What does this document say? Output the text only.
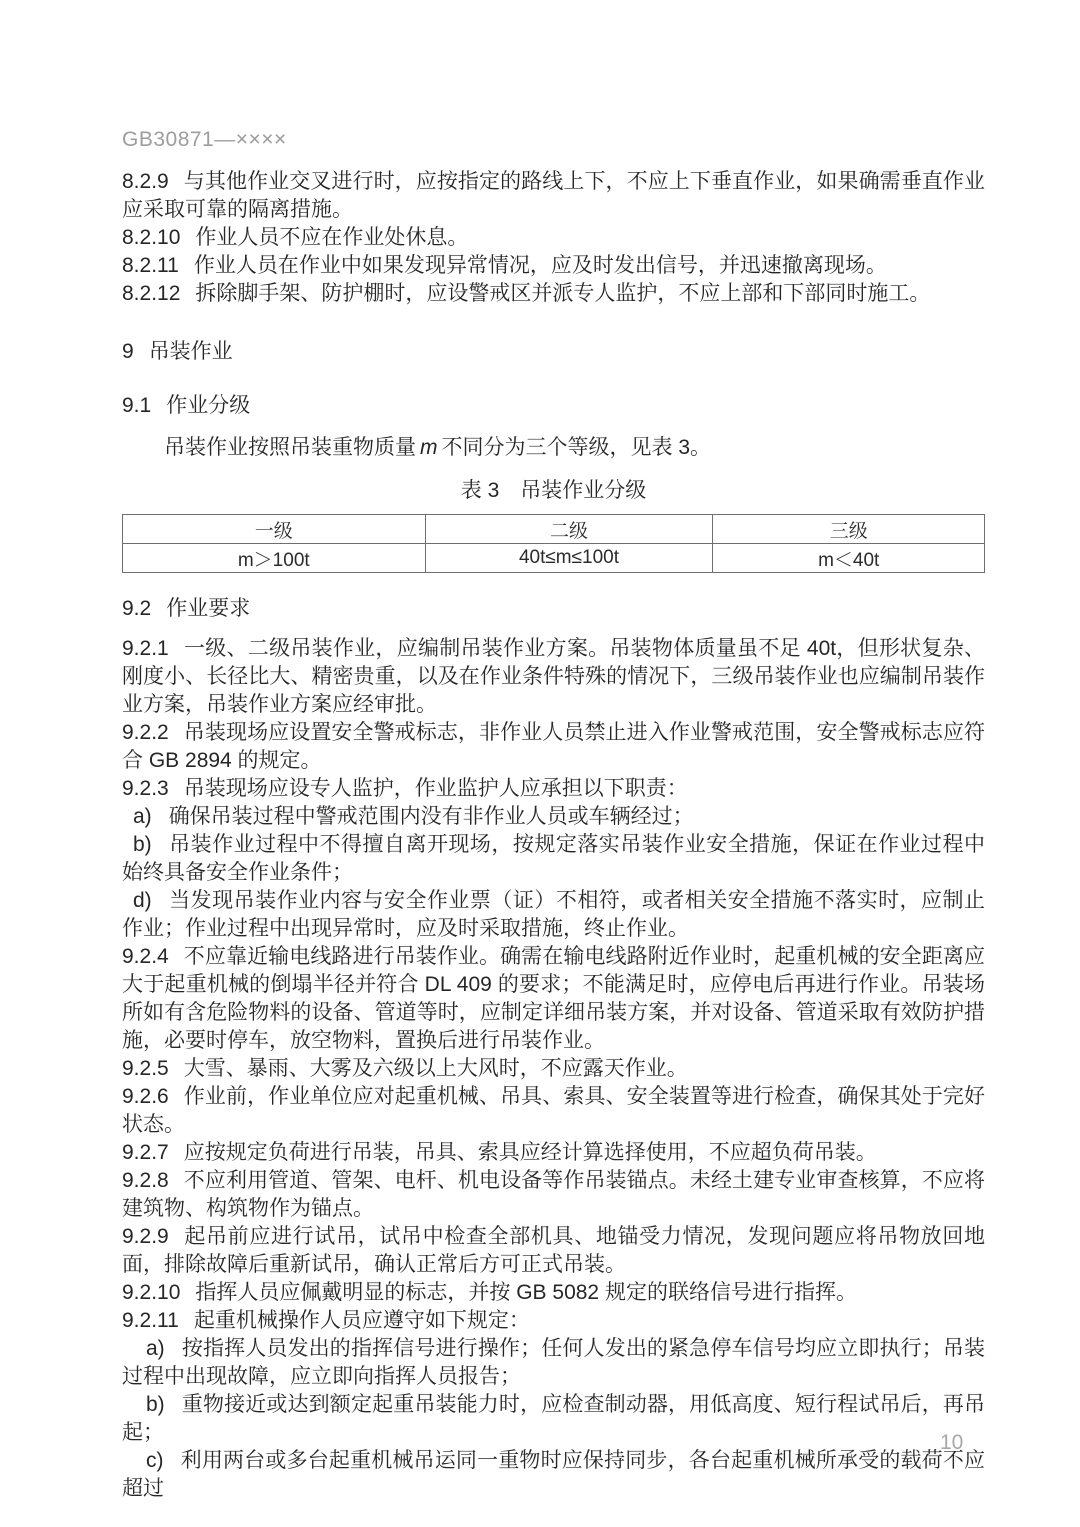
GB30871—××××

8.2.9 与其他作业交叉进行时，应按指定的路线上下，不应上下垂直作业，如果确需垂直作业应采取可靠的隔离措施。

8.2.10 作业人员不应在作业处休息。

8.2.11 作业人员在作业中如果发现异常情况，应及时发出信号，并迅速撤离现场。

8.2.12 拆除脚手架、防护棚时，应设警戒区并派专人监护，不应上部和下部同时施工。

9 吊装作业
9.1 作业分级

吊装作业按照吊装重物质量 m 不同分为三个等级，见表 3。

表 3　吊装作业分级
一级	二级	三级
m＞100t	40t≤m≤100t	m＜40t
9.2 作业要求

9.2.1 一级、二级吊装作业，应编制吊装作业方案。吊装物体质量虽不足 40t，但形状复杂、刚度小、长径比大、精密贵重，以及在作业条件特殊的情况下，三级吊装作业也应编制吊装作业方案，吊装作业方案应经审批。

9.2.2 吊装现场应设置安全警戒标志，非作业人员禁止进入作业警戒范围，安全警戒标志应符合 GB 2894 的规定。

9.2.3 吊装现场应设专人监护，作业监护人应承担以下职责：

a) 确保吊装过程中警戒范围内没有非作业人员或车辆经过；

b) 吊装作业过程中不得擅自离开现场，按规定落实吊装作业安全措施，保证在作业过程中始终具备安全作业条件；

d) 当发现吊装作业内容与安全作业票（证）不相符，或者相关安全措施不落实时，应制止作业；作业过程中出现异常时，应及时采取措施，终止作业。

9.2.4 不应靠近输电线路进行吊装作业。确需在输电线路附近作业时，起重机械的安全距离应大于起重机械的倒塌半径并符合 DL 409 的要求；不能满足时，应停电后再进行作业。吊装场所如有含危险物料的设备、管道等时，应制定详细吊装方案，并对设备、管道采取有效防护措施，必要时停车，放空物料，置换后进行吊装作业。

9.2.5 大雪、暴雨、大雾及六级以上大风时，不应露天作业。

9.2.6 作业前，作业单位应对起重机械、吊具、索具、安全装置等进行检查，确保其处于完好状态。

9.2.7 应按规定负荷进行吊装，吊具、索具应经计算选择使用，不应超负荷吊装。

9.2.8 不应利用管道、管架、电杆、机电设备等作吊装锚点。未经土建专业审查核算，不应将建筑物、构筑物作为锚点。

9.2.9 起吊前应进行试吊，试吊中检查全部机具、地锚受力情况，发现问题应将吊物放回地面，排除故障后重新试吊，确认正常后方可正式吊装。

9.2.10 指挥人员应佩戴明显的标志，并按 GB 5082 规定的联络信号进行指挥。

9.2.11 起重机械操作人员应遵守如下规定：

a) 按指挥人员发出的指挥信号进行操作；任何人发出的紧急停车信号均应立即执行；吊装过程中出现故障，应立即向指挥人员报告；

b) 重物接近或达到额定起重吊装能力时，应检查制动器，用低高度、短行程试吊后，再吊起；

c) 利用两台或多台起重机械吊运同一重物时应保持同步，各台起重机械所承受的载荷不应超过

10
